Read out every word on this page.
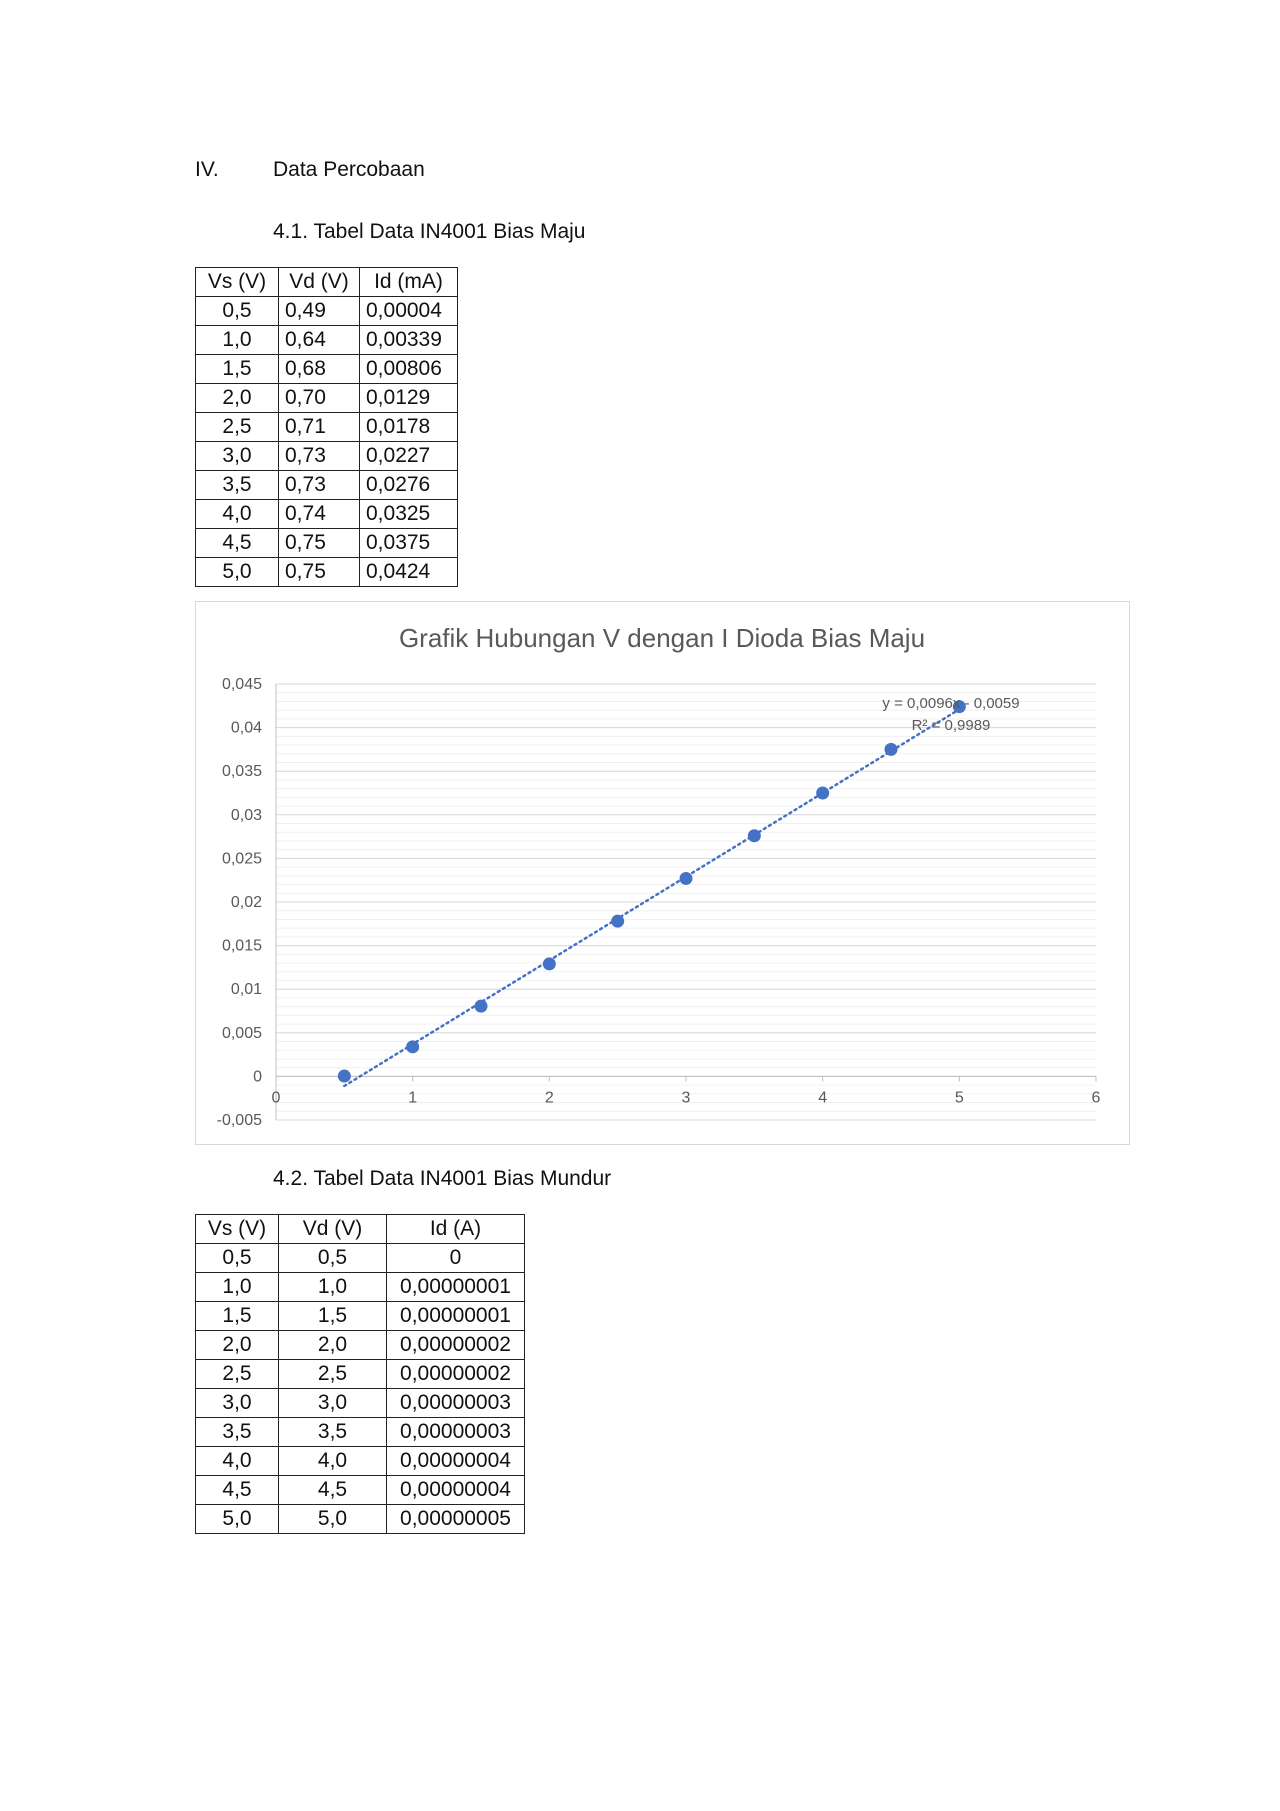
IV.	Data Percobaan
4.1. Tabel Data IN4001 Bias Maju
Vs (V)	Vd (V)	Id (mA)
0,5	0,49	0,00004
1,0	0,64	0,00339
1,5	0,68	0,00806
2,0	0,70	0,0129
2,5	0,71	0,0178
3,0	0,73	0,0227
3,5	0,73	0,0276
4,0	0,74	0,0325
4,5	0,75	0,0375
5,0	0,75	0,0424
Grafik Hubungan V dengan I Dioda Bias Maju
-0,005
0
0,005
0,01
0,015
0,02
0,025
0,03
0,035
0,04
0,045
0	1	2	3	4	5	6
y = 0,0096x - 0,0059
R² = 0,9989
4.2. Tabel Data IN4001 Bias Mundur
Vs (V)	Vd (V)	Id (A)
0,5	0,5	0
1,0	1,0	0,00000001
1,5	1,5	0,00000001
2,0	2,0	0,00000002
2,5	2,5	0,00000002
3,0	3,0	0,00000003
3,5	3,5	0,00000003
4,0	4,0	0,00000004
4,5	4,5	0,00000004
5,0	5,0	0,00000005
